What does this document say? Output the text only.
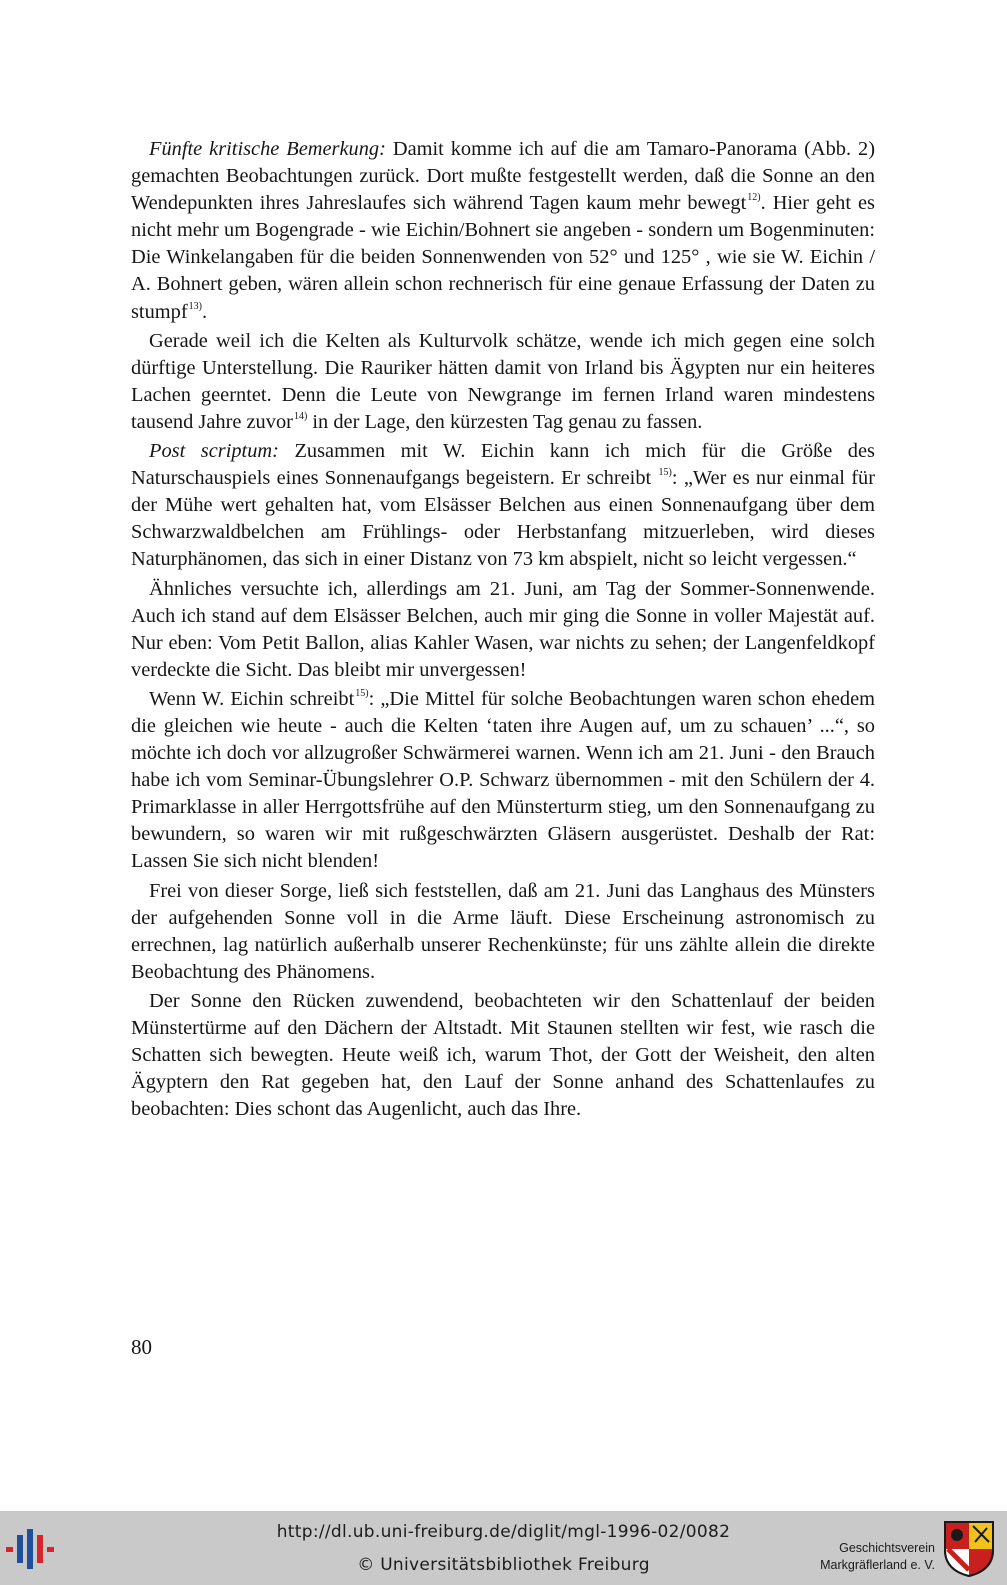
Fünfte kritische Bemerkung: Damit komme ich auf die am Tamaro-Panorama (Abb. 2) gemachten Beobachtungen zurück. Dort mußte festgestellt werden, daß die Sonne an den Wendepunkten ihres Jahreslaufes sich während Tagen kaum mehr bewegt$^{12)}$. Hier geht es nicht mehr um Bogengrade - wie Eichin/Bohnert sie angeben - sondern um Bogenminuten: Die Winkelangaben für die beiden Sonnenwenden von 52° und 125° , wie sie W. Eichin / A. Bohnert geben, wären allein schon rechnerisch für eine genaue Erfassung der Daten zu stumpf$^{13)}$.

Gerade weil ich die Kelten als Kulturvolk schätze, wende ich mich gegen eine solch dürftige Unterstellung. Die Rauriker hätten damit von Irland bis Ägypten nur ein heiteres Lachen geerntet. Denn die Leute von Newgrange im fernen Irland waren mindestens tausend Jahre zuvor$^{14)}$ in der Lage, den kürzesten Tag genau zu fassen.

Post scriptum: Zusammen mit W. Eichin kann ich mich für die Größe des Naturschauspiels eines Sonnenaufgangs begeistern. Er schreibt $^{15)}$: „Wer es nur einmal für der Mühe wert gehalten hat, vom Elsässer Belchen aus einen Sonnenaufgang über dem Schwarzwaldbelchen am Frühlings- oder Herbstanfang mitzuerleben, wird dieses Naturphänomen, das sich in einer Distanz von 73 km abspielt, nicht so leicht vergessen.“

Ähnliches versuchte ich, allerdings am 21. Juni, am Tag der Sommer-Sonnenwende. Auch ich stand auf dem Elsässer Belchen, auch mir ging die Sonne in voller Majestät auf. Nur eben: Vom Petit Ballon, alias Kahler Wasen, war nichts zu sehen; der Langenfeldkopf verdeckte die Sicht. Das bleibt mir unvergessen!

Wenn W. Eichin schreibt$^{15)}$: „Die Mittel für solche Beobachtungen waren schon ehedem die gleichen wie heute - auch die Kelten ‘taten ihre Augen auf, um zu schauen’ ...“, so möchte ich doch vor allzugroßer Schwärmerei warnen. Wenn ich am 21. Juni - den Brauch habe ich vom Seminar-Übungslehrer O.P. Schwarz übernommen - mit den Schülern der 4. Primarklasse in aller Herrgottsfrühe auf den Münsterturm stieg, um den Sonnenaufgang zu bewundern, so waren wir mit rußgeschwärzten Gläsern ausgerüstet. Deshalb der Rat: Lassen Sie sich nicht blenden!

Frei von dieser Sorge, ließ sich feststellen, daß am 21. Juni das Langhaus des Münsters der aufgehenden Sonne voll in die Arme läuft. Diese Erscheinung astronomisch zu errechnen, lag natürlich außerhalb unserer Rechenkünste; für uns zählte allein die direkte Beobachtung des Phänomens.

Der Sonne den Rücken zuwendend, beobachteten wir den Schattenlauf der beiden Münstertürme auf den Dächern der Altstadt. Mit Staunen stellten wir fest, wie rasch die Schatten sich bewegten. Heute weiß ich, warum Thot, der Gott der Weisheit, den alten Ägyptern den Rat gegeben hat, den Lauf der Sonne anhand des Schattenlaufes zu beobachten: Dies schont das Augenlicht, auch das Ihre.

80
http://dl.ub.uni-freiburg.de/diglit/mgl-1996-02/0082
© Universitätsbibliothek Freiburg
Geschichtsverein
Markgräflerland e. V.
